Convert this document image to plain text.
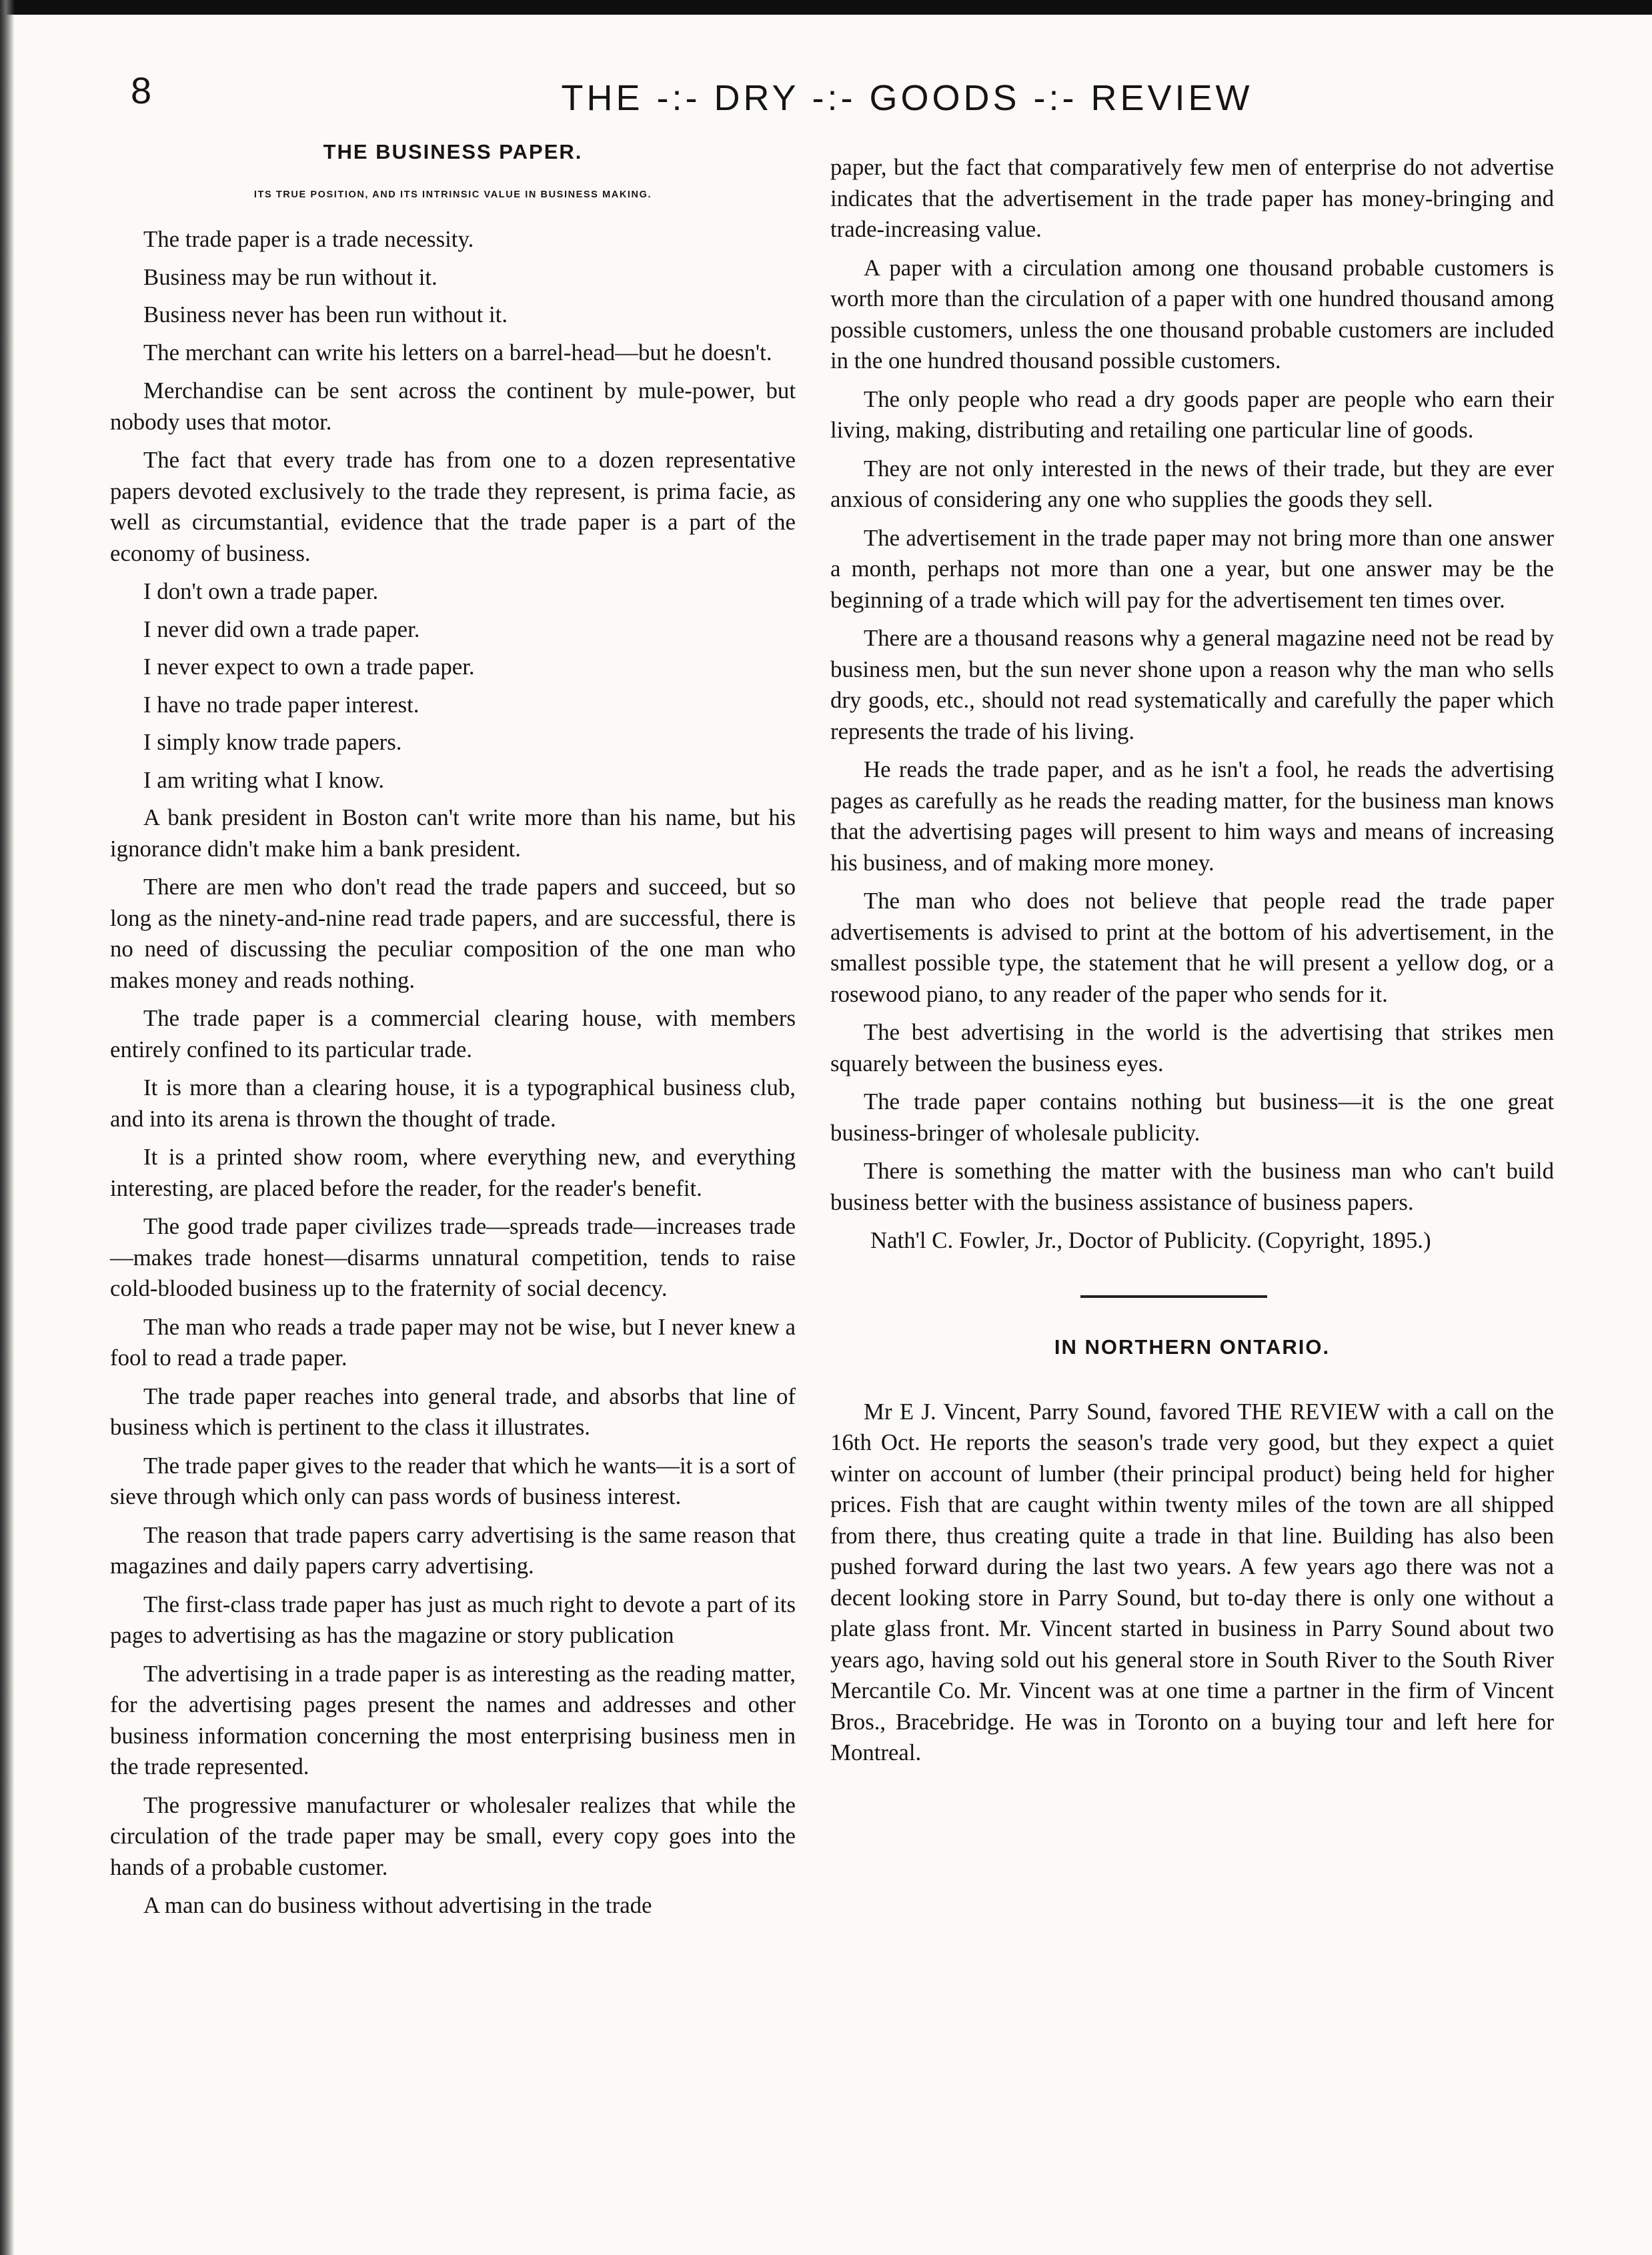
8	THE -:- DRY -:- GOODS -:- REVIEW
THE BUSINESS PAPER.
ITS TRUE POSITION, AND ITS INTRINSIC VALUE IN BUSINESS MAKING.

The trade paper is a trade necessity.

Business may be run without it.

Business never has been run without it.

The merchant can write his letters on a barrel-head—but he doesn't.

Merchandise can be sent across the continent by mule-power, but nobody uses that motor.

The fact that every trade has from one to a dozen representative papers devoted exclusively to the trade they represent, is prima facie, as well as circumstantial, evidence that the trade paper is a part of the economy of business.

I don't own a trade paper.

I never did own a trade paper.

I never expect to own a trade paper.

I have no trade paper interest.

I simply know trade papers.

I am writing what I know.

A bank president in Boston can't write more than his name, but his ignorance didn't make him a bank president.

There are men who don't read the trade papers and succeed, but so long as the ninety-and-nine read trade papers, and are successful, there is no need of discussing the peculiar composition of the one man who makes money and reads nothing.

The trade paper is a commercial clearing house, with members entirely confined to its particular trade.

It is more than a clearing house, it is a typographical business club, and into its arena is thrown the thought of trade.

It is a printed show room, where everything new, and everything interesting, are placed before the reader, for the reader's benefit.

The good trade paper civilizes trade—spreads trade—increases trade—makes trade honest—disarms unnatural competition, tends to raise cold-blooded business up to the fraternity of social decency.

The man who reads a trade paper may not be wise, but I never knew a fool to read a trade paper.

The trade paper reaches into general trade, and absorbs that line of business which is pertinent to the class it illustrates.

The trade paper gives to the reader that which he wants—it is a sort of sieve through which only can pass words of business interest.

The reason that trade papers carry advertising is the same reason that magazines and daily papers carry advertising.

The first-class trade paper has just as much right to devote a part of its pages to advertising as has the magazine or story publication

The advertising in a trade paper is as interesting as the reading matter, for the advertising pages present the names and addresses and other business information concerning the most enterprising business men in the trade represented.

The progressive manufacturer or wholesaler realizes that while the circulation of the trade paper may be small, every copy goes into the hands of a probable customer.

A man can do business without advertising in the trade

paper, but the fact that comparatively few men of enterprise do not advertise indicates that the advertisement in the trade paper has money-bringing and trade-increasing value.

A paper with a circulation among one thousand probable customers is worth more than the circulation of a paper with one hundred thousand among possible customers, unless the one thousand probable customers are included in the one hundred thousand possible customers.

The only people who read a dry goods paper are people who earn their living, making, distributing and retailing one particular line of goods.

They are not only interested in the news of their trade, but they are ever anxious of considering any one who supplies the goods they sell.

The advertisement in the trade paper may not bring more than one answer a month, perhaps not more than one a year, but one answer may be the beginning of a trade which will pay for the advertisement ten times over.

There are a thousand reasons why a general magazine need not be read by business men, but the sun never shone upon a reason why the man who sells dry goods, etc., should not read systematically and carefully the paper which represents the trade of his living.

He reads the trade paper, and as he isn't a fool, he reads the advertising pages as carefully as he reads the reading matter, for the business man knows that the advertising pages will present to him ways and means of increasing his business, and of making more money.

The man who does not believe that people read the trade paper advertisements is advised to print at the bottom of his advertisement, in the smallest possible type, the statement that he will present a yellow dog, or a rosewood piano, to any reader of the paper who sends for it.

The best advertising in the world is the advertising that strikes men squarely between the business eyes.

The trade paper contains nothing but business—it is the one great business-bringer of wholesale publicity.

There is something the matter with the business man who can't build business better with the business assistance of business papers.

Nath'l C. Fowler, Jr., Doctor of Publicity. (Copyright, 1895.)

IN NORTHERN ONTARIO.

Mr E J. Vincent, Parry Sound, favored THE REVIEW with a call on the 16th Oct. He reports the season's trade very good, but they expect a quiet winter on account of lumber (their principal product) being held for higher prices. Fish that are caught within twenty miles of the town are all shipped from there, thus creating quite a trade in that line. Building has also been pushed forward during the last two years. A few years ago there was not a decent looking store in Parry Sound, but to-day there is only one without a plate glass front. Mr. Vincent started in business in Parry Sound about two years ago, having sold out his general store in South River to the South River Mercantile Co. Mr. Vincent was at one time a partner in the firm of Vincent Bros., Bracebridge. He was in Toronto on a buying tour and left here for Montreal.
